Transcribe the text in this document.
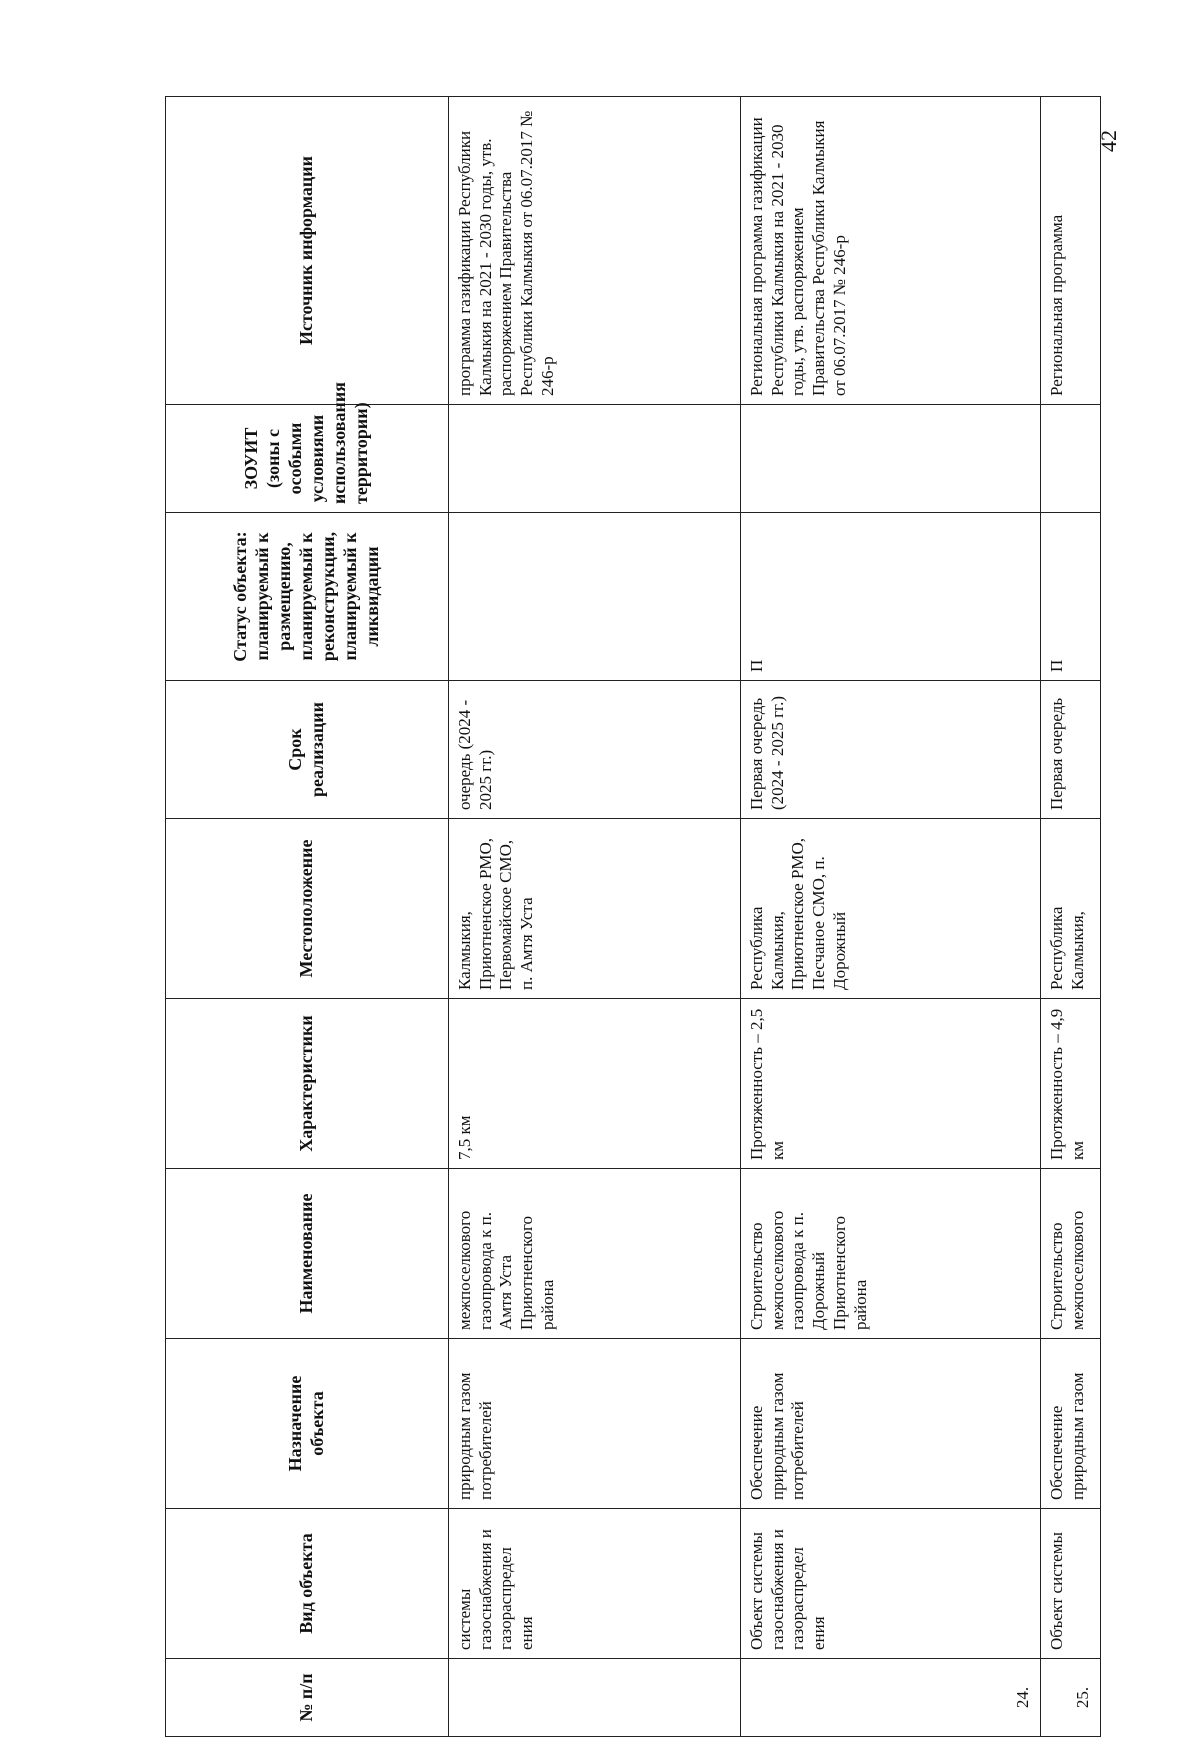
42
№ п/п	Вид объекта	Назначение объекта	Наименование	Характеристики	Местоположение	Срок реализации	Статус объекта: планируемый к размещению, планируемый к реконструкции, планируемый к ликвидации	ЗОУИТ (зоны с особыми условиями использования территории)	Источник информации
	системы газоснабжения и газораспредел ения	природным газом потребителей	межпоселкового газопровода к п. Амтя Уста Приютненского района	7,5 км	Калмыкия, Приютненское РМО, Первомайское СМО, п. Амтя Уста	очередь (2024 - 2025 гг.)			программа газификации Республики Калмыкия на 2021 - 2030 годы, утв. распоряжением Правительства Республики Калмыкия от 06.07.2017 № 246-р
24.	Объект системы газоснабжения и газораспредел ения	Обеспечение природным газом потребителей	Строительство межпоселкового газопровода к п. Дорожный Приютненского района	Протяженность – 2,5 км	Республика Калмыкия, Приютненское РМО, Песчаное СМО, п. Дорожный	Первая очередь (2024 - 2025 гг.)	П		Региональная программа газификации Республики Калмыкия на 2021 - 2030 годы, утв. распоряжением Правительства Республики Калмыкия от 06.07.2017 № 246-р
25.	Объект системы	Обеспечение природным газом	Строительство межпоселкового	Протяженность – 4,9 км	Республика Калмыкия,	Первая очередь	П		Региональная программа
